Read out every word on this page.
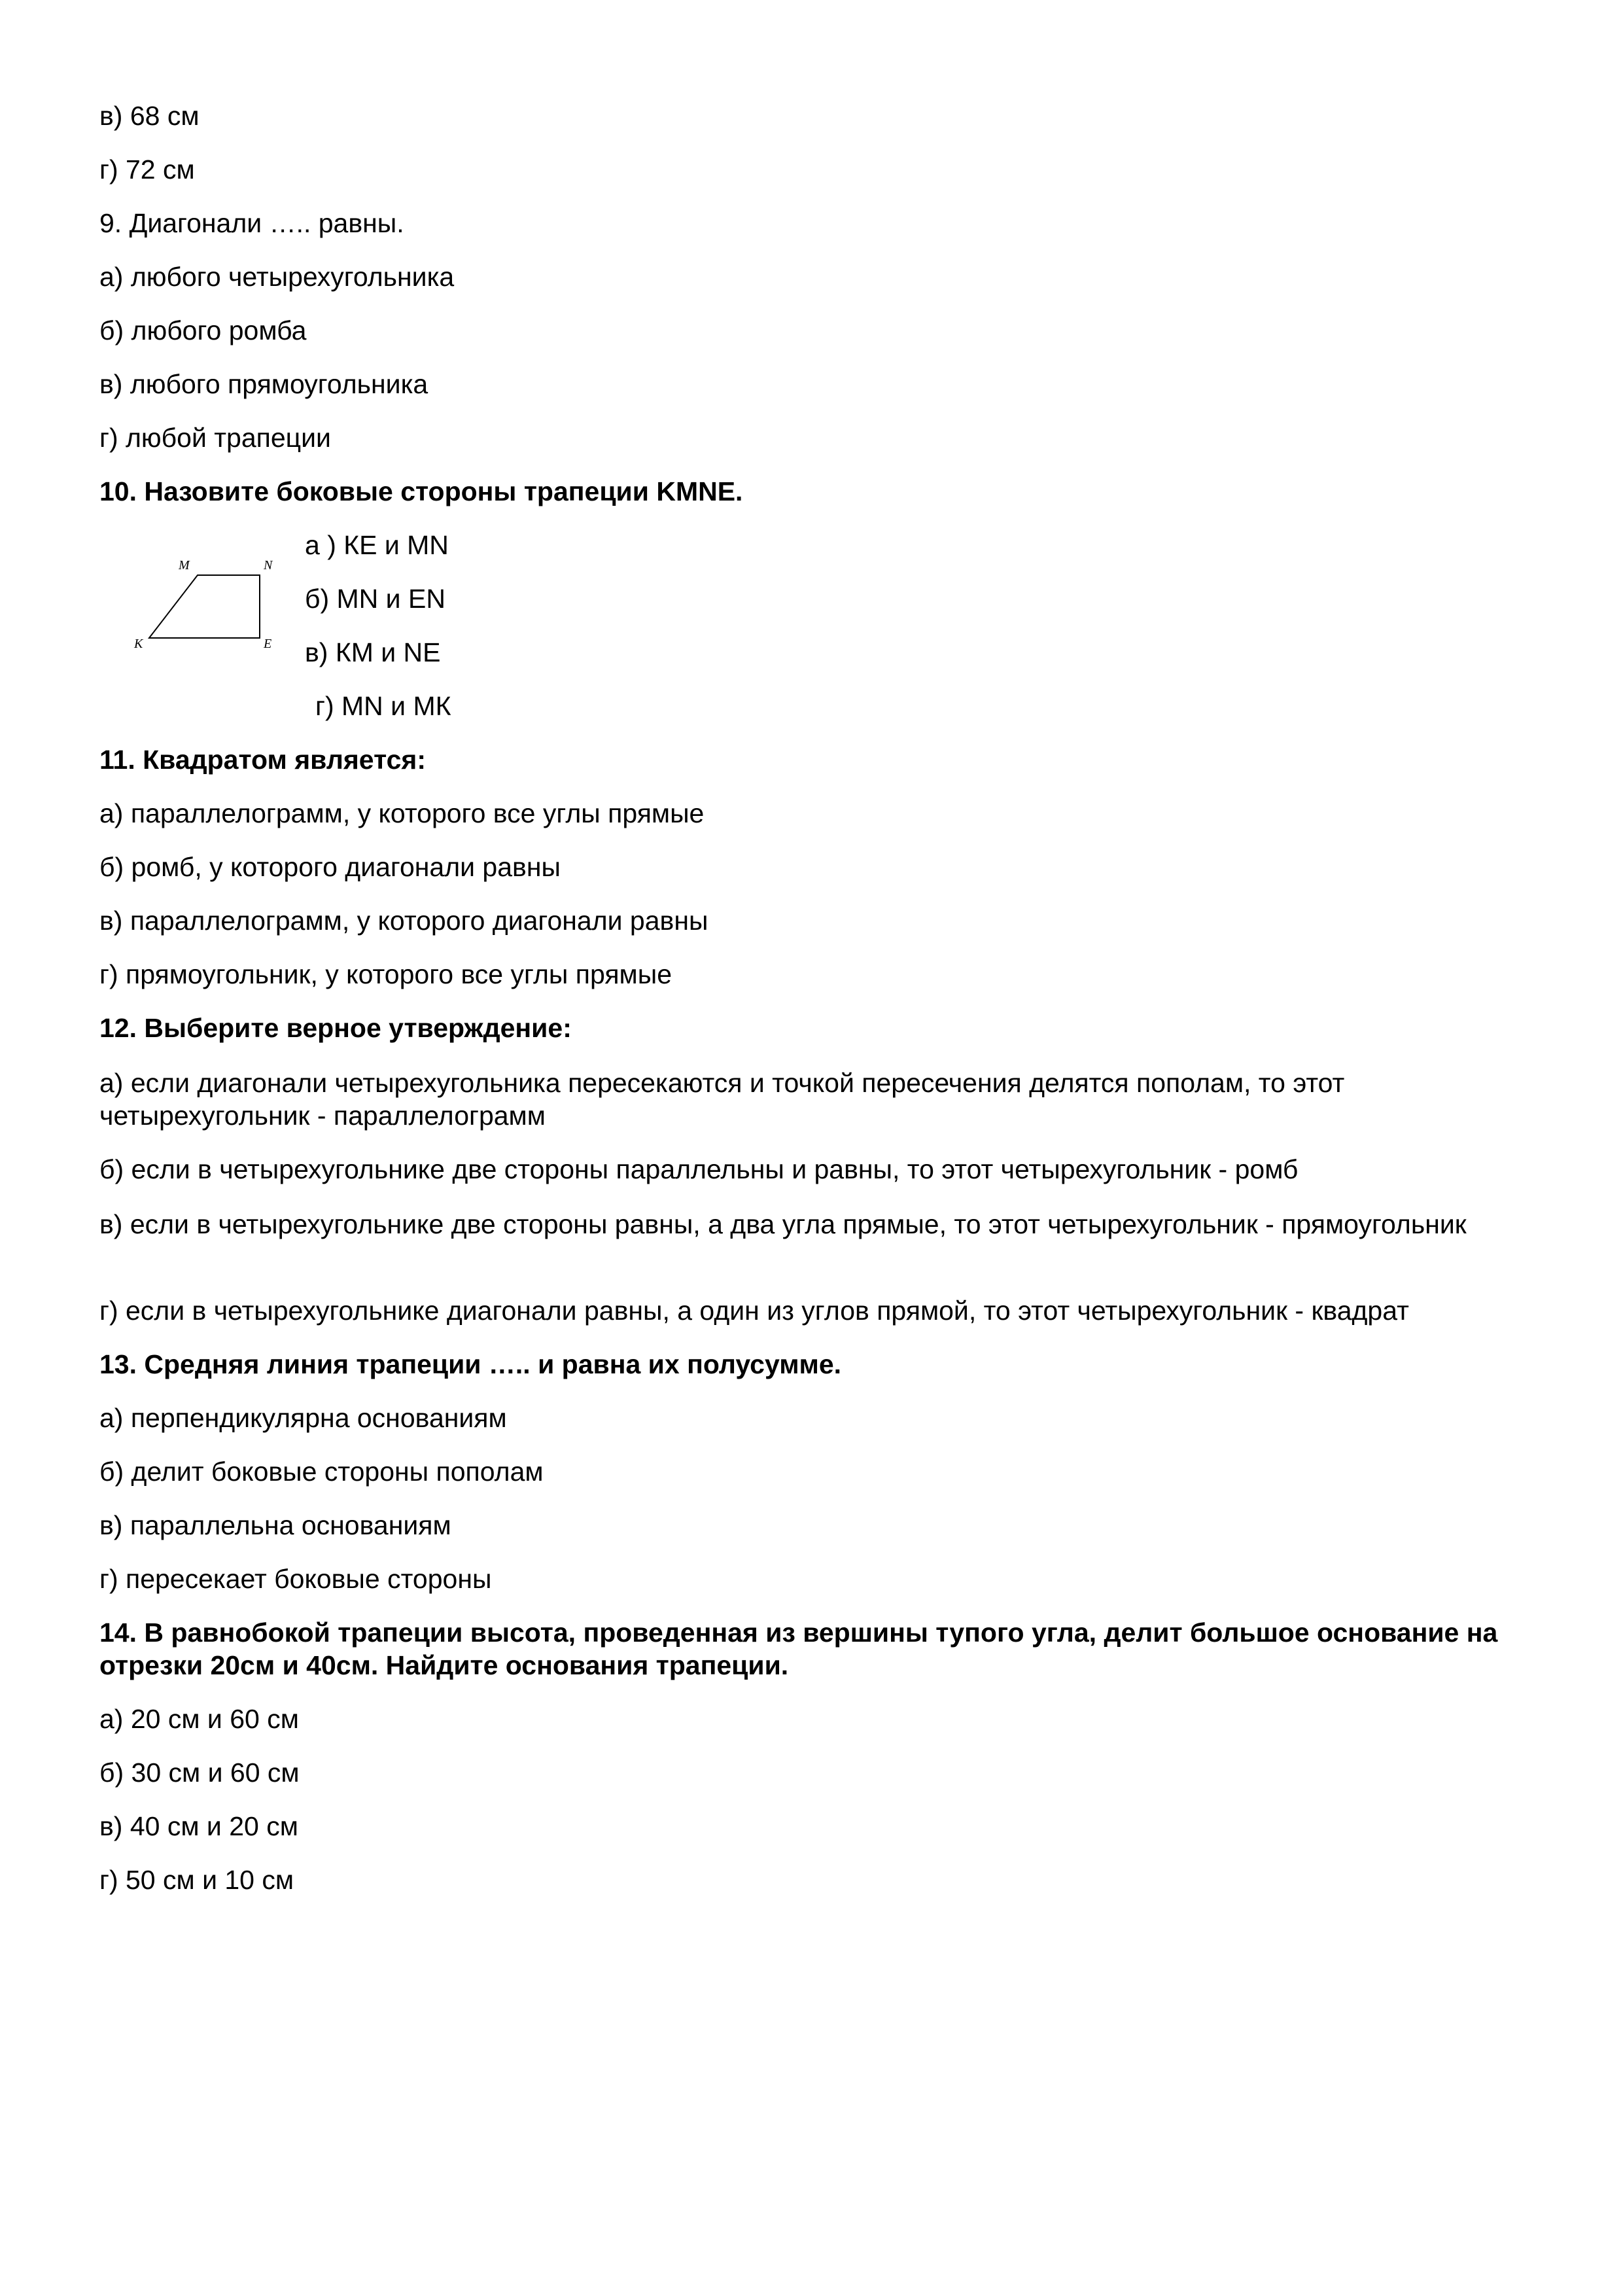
в) 68 см
г) 72 см
9. Диагонали ….. равны.
а) любого четырехугольника
б) любого ромба
в) любого прямоугольника
г) любой трапеции
10. Назовите боковые стороны трапеции KMNE.
M	N
K	E
а ) КЕ и MN
б) MN и EN
в) КМ и NE
г) MN и МК
11. Квадратом является:
а) параллелограмм, у которого все углы прямые
б) ромб, у которого диагонали равны
в) параллелограмм, у которого диагонали равны
г) прямоугольник, у которого все углы прямые
12. Выберите верное утверждение:
а) если диагонали четырехугольника пересекаются и точкой пересечения делятся пополам, то этот четырехугольник - параллелограмм
б) если в четырехугольнике две стороны параллельны и равны, то этот четырехугольник - ромб
в) если в четырехугольнике две стороны равны, а два угла прямые, то этот четырехугольник - прямоугольник
г) если в четырехугольнике диагонали равны, а один из углов прямой, то этот четырехугольник - квадрат
13. Средняя линия трапеции ….. и равна их полусумме.
а) перпендикулярна основаниям
б) делит боковые стороны пополам
в) параллельна основаниям
г) пересекает боковые стороны
14. В равнобокой трапеции высота, проведенная из вершины тупого угла, делит большое основание на отрезки 20см и 40см. Найдите основания трапеции.
а) 20 см и 60 см
б) 30 см и 60 см
в) 40 см и 20 см
г) 50 см и 10 см
